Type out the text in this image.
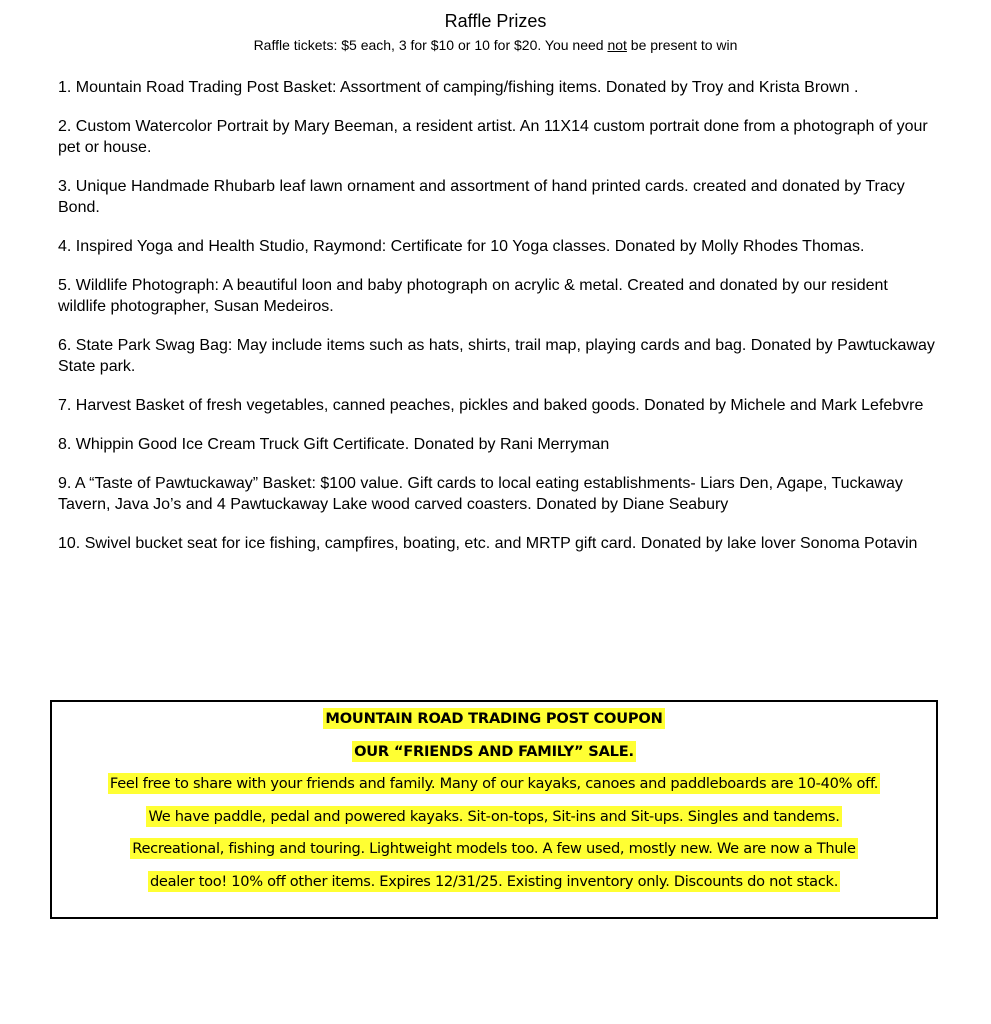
Raffle Prizes
Raffle tickets: $5 each, 3 for $10 or 10 for $20. You need not be present to win
1. Mountain Road Trading Post Basket: Assortment of camping/fishing items. Donated by Troy and Krista Brown .
2. Custom Watercolor Portrait by Mary Beeman, a resident artist. An 11X14 custom portrait done from a photograph of your pet or house.
3. Unique Handmade Rhubarb leaf lawn ornament and assortment of hand printed cards. created and donated by Tracy Bond.
4. Inspired Yoga and Health Studio, Raymond: Certificate for 10 Yoga classes. Donated by Molly Rhodes Thomas.
5. Wildlife Photograph: A beautiful loon and baby photograph on acrylic & metal. Created and donated by our resident wildlife photographer, Susan Medeiros.
6. State Park Swag Bag: May include items such as hats, shirts, trail map, playing cards and bag. Donated by Pawtuckaway State park.
7. Harvest Basket of fresh vegetables, canned peaches, pickles and baked goods. Donated by Michele and Mark Lefebvre
8. Whippin Good Ice Cream Truck Gift Certificate. Donated by Rani Merryman
9. A “Taste of Pawtuckaway” Basket: $100 value. Gift cards to local eating establishments- Liars Den, Agape, Tuckaway Tavern, Java Jo’s and 4 Pawtuckaway Lake wood carved coasters. Donated by Diane Seabury
10. Swivel bucket seat for ice fishing, campfires, boating, etc. and MRTP gift card. Donated by lake lover Sonoma Potavin
MOUNTAIN ROAD TRADING POST COUPON
OUR “FRIENDS AND FAMILY” SALE.
Feel free to share with your friends and family. Many of our kayaks, canoes and paddleboards are 10-40% off.
We have paddle, pedal and powered kayaks. Sit-on-tops, Sit-ins and Sit-ups. Singles and tandems.
Recreational, fishing and touring. Lightweight models too. A few used, mostly new. We are now a Thule
dealer too! 10% off other items. Expires 12/31/25. Existing inventory only. Discounts do not stack.
